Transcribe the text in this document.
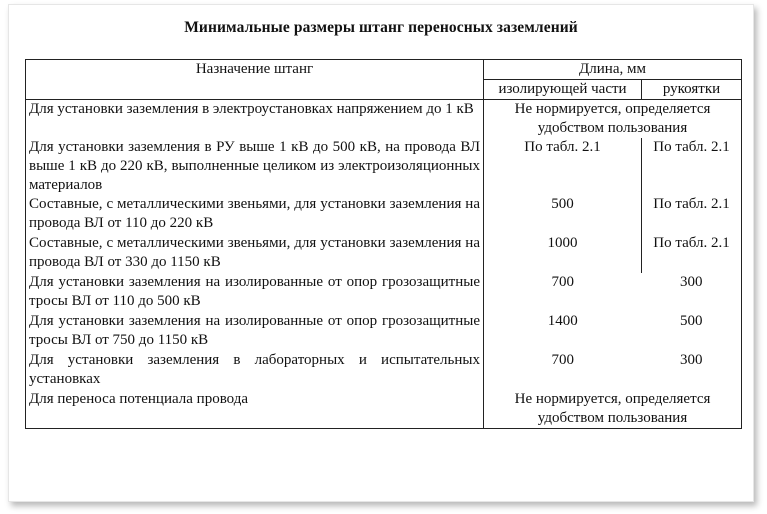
Минимальные размеры штанг переносных заземлений
Назначение штанг	Длина, мм	
	изолирующей части	рукоятки
Для установки заземления в электроустановках напряжением до 1 кВ	Не нормируется, определяется удобством пользования	
Для установки заземления в РУ выше 1 кВ до 500 кВ, на провода ВЛ выше 1 кВ до 220 кВ, выполненные целиком из электроизоляционных материалов	По табл. 2.1	По табл. 2.1
Составные, с металлическими звеньями, для установки заземления на провода ВЛ от 110 до 220 кВ	500	По табл. 2.1
Составные, с металлическими звеньями, для установки заземления на провода ВЛ от 330 до 1150 кВ	1000	По табл. 2.1
Для установки заземления на изолированные от опор грозозащитные тросы ВЛ от 110 до 500 кВ	700	300
Для установки заземления на изолированные от опор грозозащитные тросы ВЛ от 750 до 1150 кВ	1400	500
Для установки заземления в лабораторных и испытательных установках	700	300
Для переноса потенциала провода	Не нормируется, определяется удобством пользования	
